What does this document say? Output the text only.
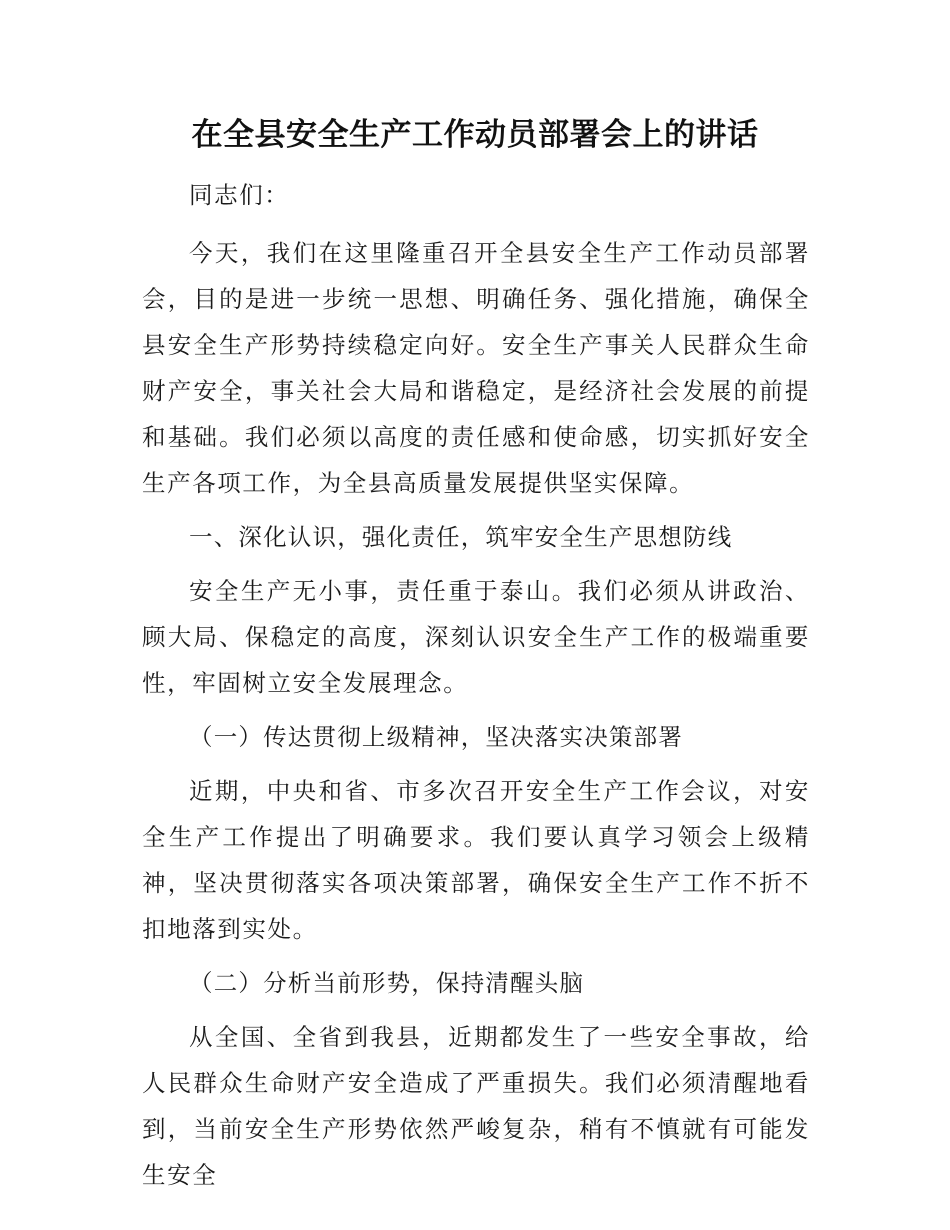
在全县安全生产工作动员部署会上的讲话

同志们：

今天，我们在这里隆重召开全县安全生产工作动员部署会，目的是进一步统一思想、明确任务、强化措施，确保全县安全生产形势持续稳定向好。安全生产事关人民群众生命财产安全，事关社会大局和谐稳定，是经济社会发展的前提和基础。我们必须以高度的责任感和使命感，切实抓好安全生产各项工作，为全县高质量发展提供坚实保障。

一、深化认识，强化责任，筑牢安全生产思想防线

安全生产无小事，责任重于泰山。我们必须从讲政治、顾大局、保稳定的高度，深刻认识安全生产工作的极端重要性，牢固树立安全发展理念。

（一）传达贯彻上级精神，坚决落实决策部署

近期，中央和省、市多次召开安全生产工作会议，对安全生产工作提出了明确要求。我们要认真学习领会上级精神，坚决贯彻落实各项决策部署，确保安全生产工作不折不扣地落到实处。

（二）分析当前形势，保持清醒头脑

从全国、全省到我县，近期都发生了一些安全事故，给人民群众生命财产安全造成了严重损失。我们必须清醒地看到，当前安全生产形势依然严峻复杂，稍有不慎就有可能发生安全
